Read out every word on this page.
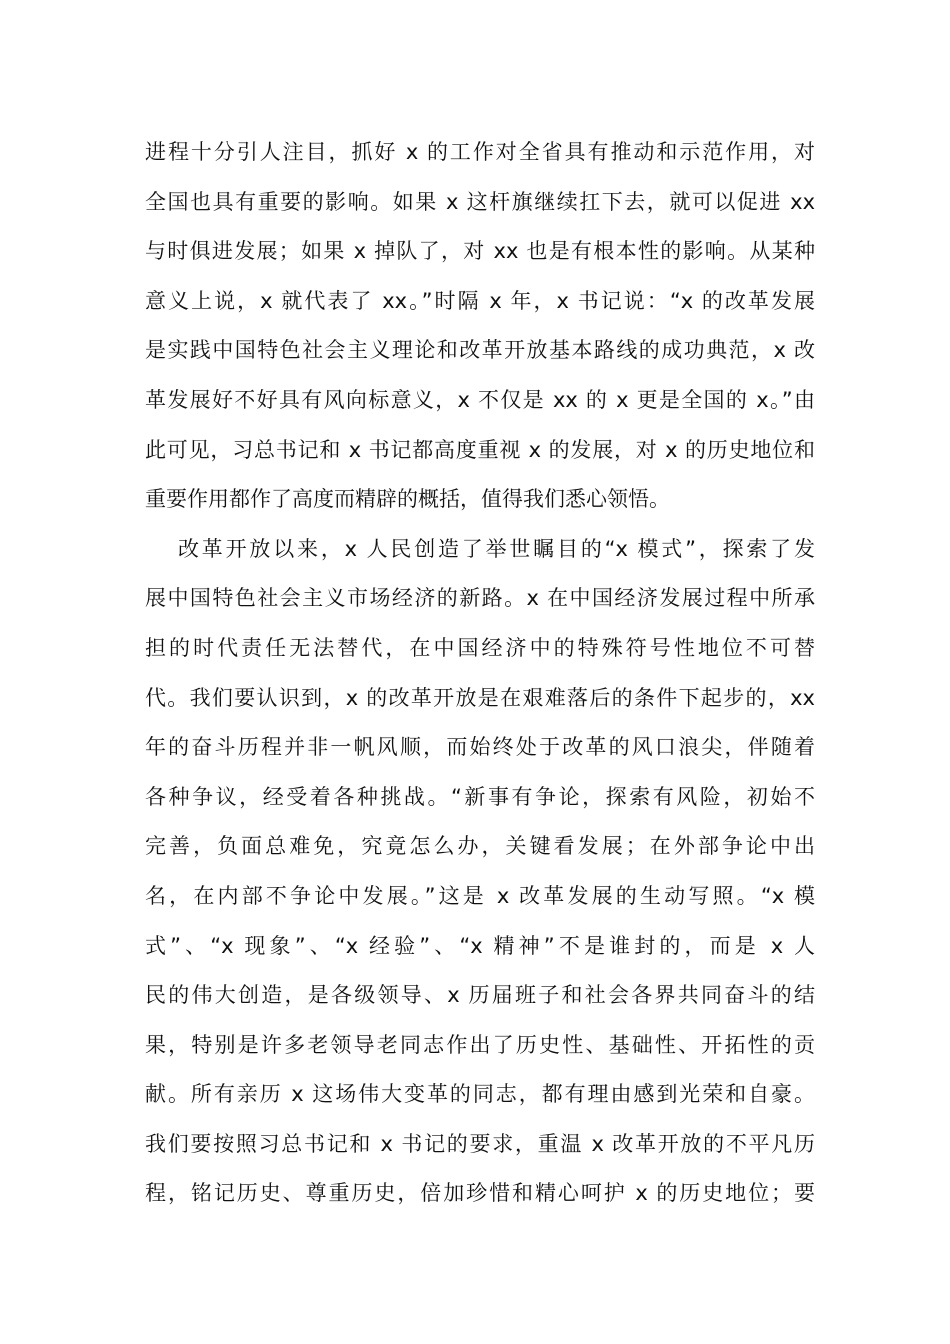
进程十分引人注目，抓好 x 的工作对全省具有推动和示范作用，对
全国也具有重要的影响。如果 x 这杆旗继续扛下去，就可以促进 xx
与时俱进发展；如果 x 掉队了，对 xx 也是有根本性的影响。从某种
意义上说，x 就代表了 xx。”时隔 x 年，x 书记说：“x 的改革发展
是实践中国特色社会主义理论和改革开放基本路线的成功典范，x 改
革发展好不好具有风向标意义，x 不仅是 xx 的 x 更是全国的 x。”由
此可见，习总书记和 x 书记都高度重视 x 的发展，对 x 的历史地位和
重要作用都作了高度而精辟的概括，值得我们悉心领悟。
改革开放以来，x 人民创造了举世瞩目的“x 模式”，探索了发
展中国特色社会主义市场经济的新路。x 在中国经济发展过程中所承
担的时代责任无法替代，在中国经济中的特殊符号性地位不可替
代。我们要认识到，x 的改革开放是在艰难落后的条件下起步的，xx
年的奋斗历程并非一帆风顺，而始终处于改革的风口浪尖，伴随着
各种争议，经受着各种挑战。“新事有争论，探索有风险，初始不
完善，负面总难免，究竟怎么办，关键看发展；在外部争论中出
名，在内部不争论中发展。”这是 x 改革发展的生动写照。“x 模
式”、“x 现象”、“x 经验”、“x 精神”不是谁封的，而是 x 人
民的伟大创造，是各级领导、x 历届班子和社会各界共同奋斗的结
果，特别是许多老领导老同志作出了历史性、基础性、开拓性的贡
献。所有亲历 x 这场伟大变革的同志，都有理由感到光荣和自豪。
我们要按照习总书记和 x 书记的要求，重温 x 改革开放的不平凡历
程，铭记历史、尊重历史，倍加珍惜和精心呵护 x 的历史地位；要
